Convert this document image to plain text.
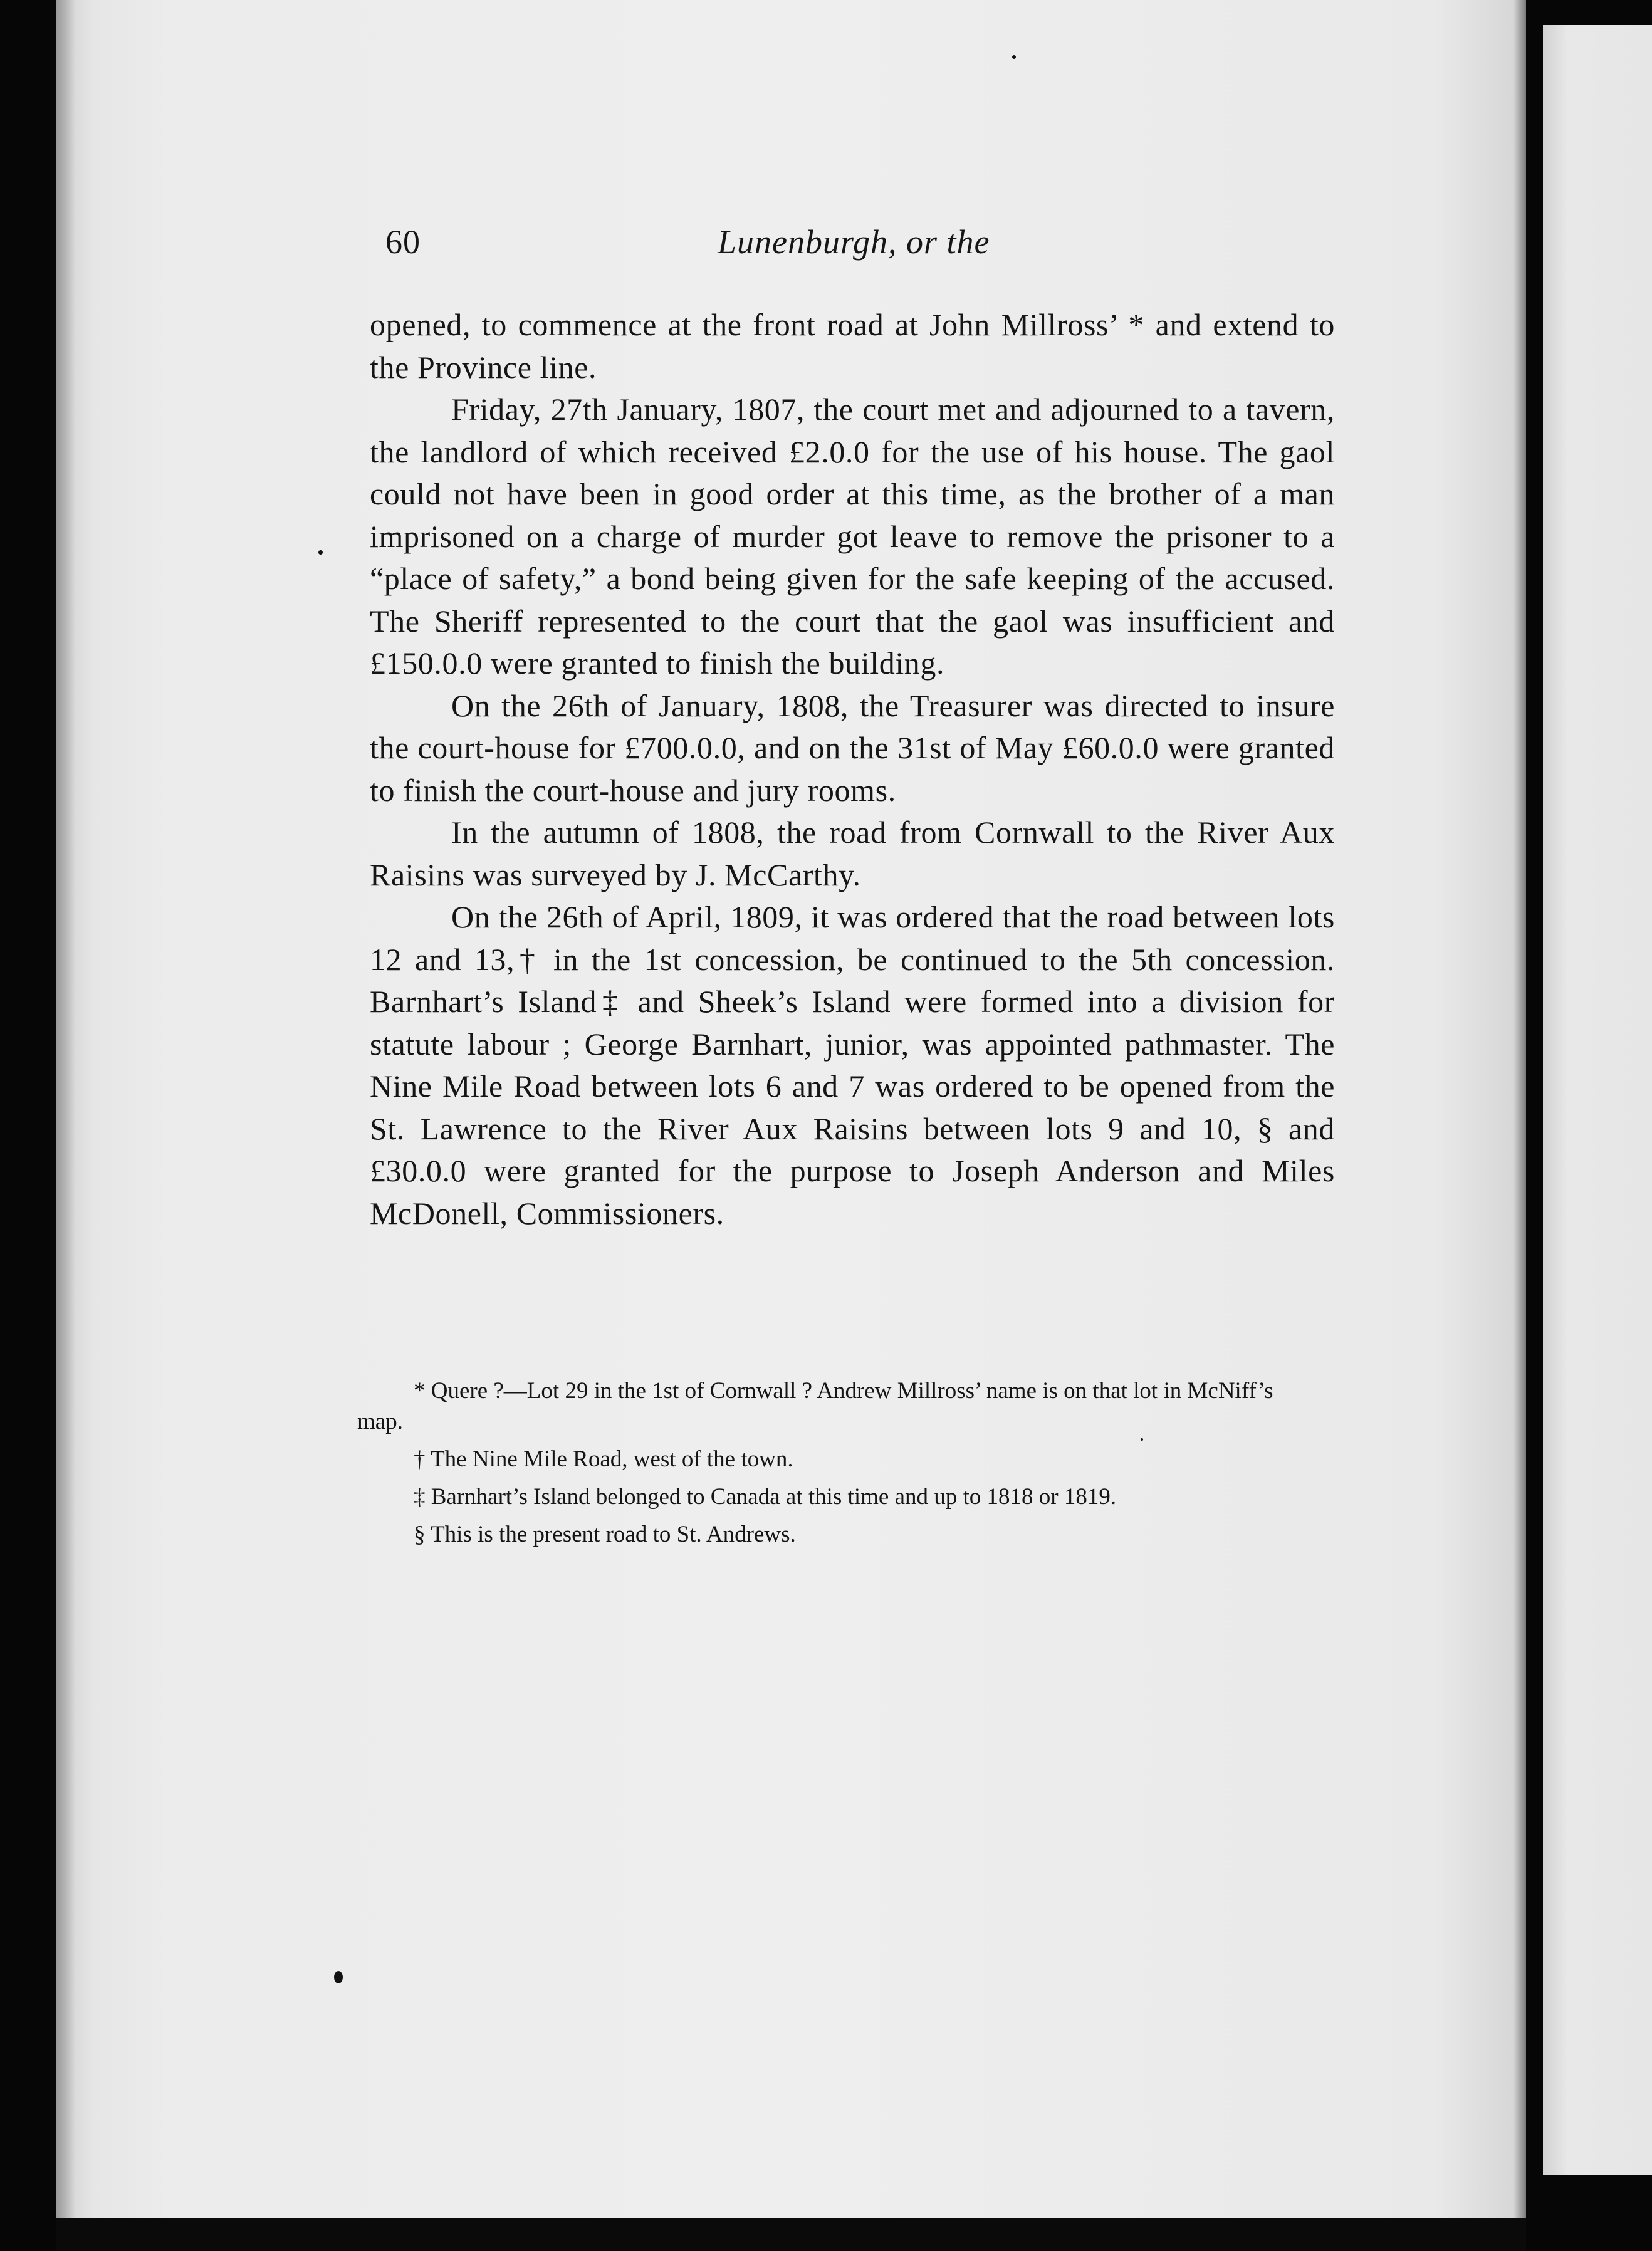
60	Lunenburgh, or the

opened, to commence at the front road at John Millross’ * and extend to the Province line.

Friday, 27th January, 1807, the court met and adjourned to a tavern, the landlord of which received £2.0.0 for the use of his house. The gaol could not have been in good order at this time, as the brother of a man imprisoned on a charge of murder got leave to remove the prisoner to a “place of safety,” a bond being given for the safe keeping of the accused. The Sheriff represented to the court that the gaol was insufficient and £150.0.0 were granted to finish the building.

On the 26th of January, 1808, the Treasurer was directed to insure the court-house for £700.0.0, and on the 31st of May £60.0.0 were granted to finish the court-house and jury rooms.

In the autumn of 1808, the road from Cornwall to the River Aux Raisins was surveyed by J. McCarthy.

On the 26th of April, 1809, it was ordered that the road between lots 12 and 13,† in the 1st concession, be continued to the 5th concession. Barnhart’s Island‡ and Sheek’s Island were formed into a division for statute labour ; George Barnhart, junior, was appointed pathmaster. The Nine Mile Road between lots 6 and 7 was ordered to be opened from the St. Lawrence to the River Aux Raisins between lots 9 and 10, § and £30.0.0 were granted for the purpose to Joseph Anderson and Miles McDonell, Commissioners.

* Quere ?—Lot 29 in the 1st of Cornwall ? Andrew Millross’ name is on that lot in McNiff’s map.

† The Nine Mile Road, west of the town.

‡ Barnhart’s Island belonged to Canada at this time and up to 1818 or 1819.

§ This is the present road to St. Andrews.
